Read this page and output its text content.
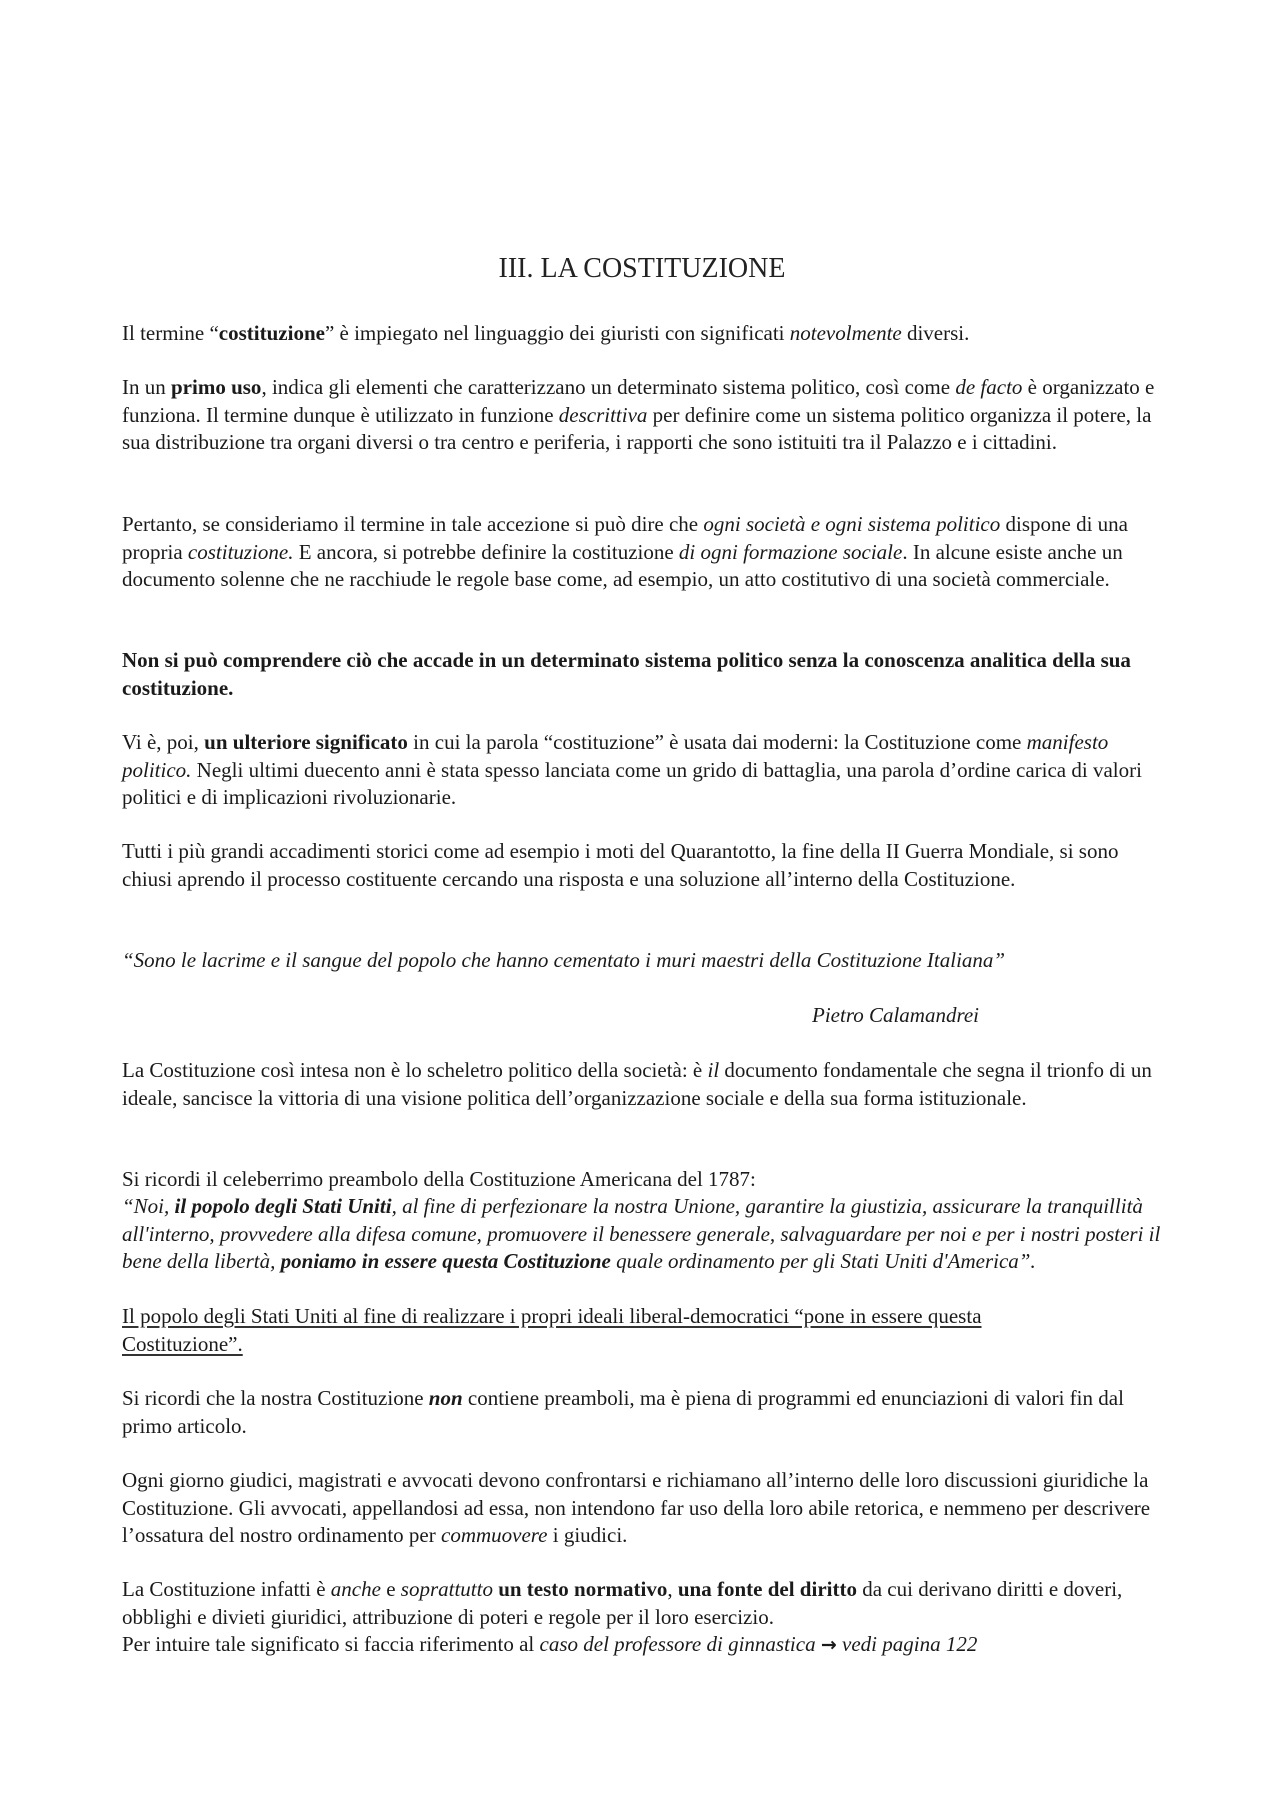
III. LA COSTITUZIONE

Il termine “costituzione” è impiegato nel linguaggio dei giuristi con significati notevolmente diversi.

In un primo uso, indica gli elementi che caratterizzano un determinato sistema politico, così come de facto è organizzato e funziona. Il termine dunque è utilizzato in funzione descrittiva per definire come un sistema politico organizza il potere, la sua distribuzione tra organi diversi o tra centro e periferia, i rapporti che sono istituiti tra il Palazzo e i cittadini.

Pertanto, se consideriamo il termine in tale accezione si può dire che ogni società e ogni sistema politico dispone di una propria costituzione. E ancora, si potrebbe definire la costituzione di ogni formazione sociale. In alcune esiste anche un documento solenne che ne racchiude le regole base come, ad esempio, un atto costitutivo di una società commerciale.

Non si può comprendere ciò che accade in un determinato sistema politico senza la conoscenza analitica della sua costituzione.

Vi è, poi, un ulteriore significato in cui la parola “costituzione” è usata dai moderni: la Costituzione come manifesto politico. Negli ultimi duecento anni è stata spesso lanciata come un grido di battaglia, una parola d’ordine carica di valori politici e di implicazioni rivoluzionarie.

Tutti i più grandi accadimenti storici come ad esempio i moti del Quarantotto, la fine della II Guerra Mondiale, si sono chiusi aprendo il processo costituente cercando una risposta e una soluzione all’interno della Costituzione.

“Sono le lacrime e il sangue del popolo che hanno cementato i muri maestri della Costituzione Italiana”

Pietro Calamandrei

La Costituzione così intesa non è lo scheletro politico della società: è il documento fondamentale che segna il trionfo di un ideale, sancisce la vittoria di una visione politica dell’organizzazione sociale e della sua forma istituzionale.

Si ricordi il celeberrimo preambolo della Costituzione Americana del 1787:

“Noi, il popolo degli Stati Uniti, al fine di perfezionare la nostra Unione, garantire la giustizia, assicurare la tranquillità all'interno, provvedere alla difesa comune, promuovere il benessere generale, salvaguardare per noi e per i nostri posteri il bene della libertà, poniamo in essere questa Costituzione quale ordinamento per gli Stati Uniti d'America”.

Il popolo degli Stati Uniti al fine di realizzare i propri ideali liberal-democratici “pone in essere questa Costituzione”.

Si ricordi che la nostra Costituzione non contiene preamboli, ma è piena di programmi ed enunciazioni di valori fin dal primo articolo.

Ogni giorno giudici, magistrati e avvocati devono confrontarsi e richiamano all’interno delle loro discussioni giuridiche la Costituzione. Gli avvocati, appellandosi ad essa, non intendono far uso della loro abile retorica, e nemmeno per descrivere l’ossatura del nostro ordinamento per commuovere i giudici.

La Costituzione infatti è anche e soprattutto un testo normativo, una fonte del diritto da cui derivano diritti e doveri, obblighi e divieti giuridici, attribuzione di poteri e regole per il loro esercizio.
Per intuire tale significato si faccia riferimento al caso del professore di ginnastica → vedi pagina 122
